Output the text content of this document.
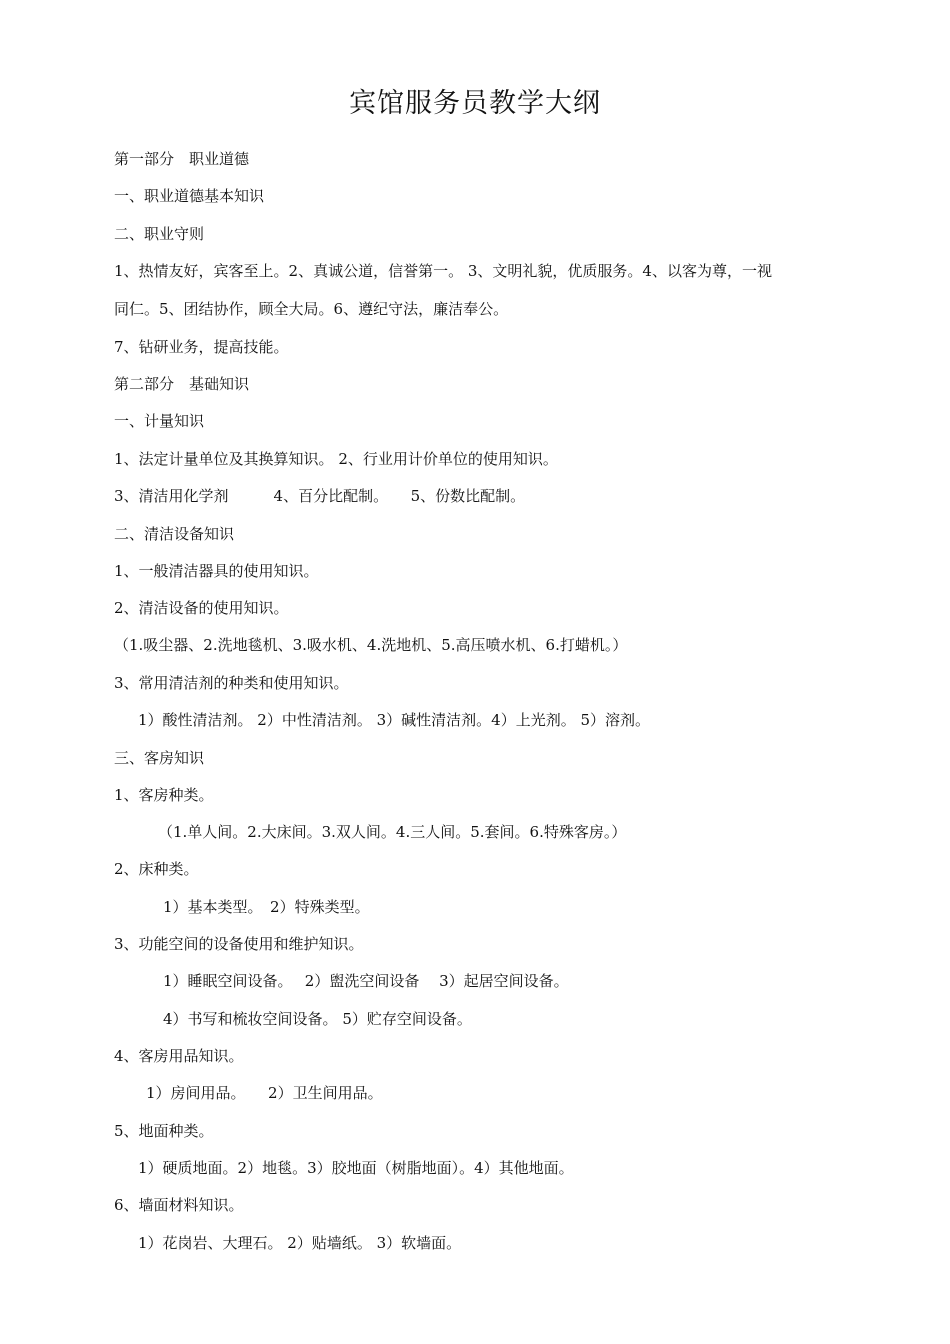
宾馆服务员教学大纲
第一部分　职业道德
一、职业道德基本知识
二、职业守则
1、热情友好，宾客至上。2、真诚公道，信誉第一。 3、文明礼貌，优质服务。4、以客为尊，一视
同仁。5、团结协作，顾全大局。6、遵纪守法，廉洁奉公。
7、钻研业务，提高技能。
第二部分　基础知识
一、计量知识
1、法定计量单位及其换算知识。 2、行业用计价单位的使用知识。
3、清洁用化学剂　　　4、百分比配制。　　5、份数比配制。
二、清洁设备知识
1、一般清洁器具的使用知识。
2、清洁设备的使用知识。
（1.吸尘器、2.洗地毯机、3.吸水机、4.洗地机、5.高压喷水机、6.打蜡机。）
3、常用清洁剂的种类和使用知识。
1）酸性清洁剂。 2）中性清洁剂。 3）碱性清洁剂。4）上光剂。 5）溶剂。
三、客房知识
1、客房种类。
（1.单人间。2.大床间。3.双人间。4.三人间。5.套间。6.特殊客房。）
2、床种类。
1）基本类型。　2）特殊类型。
3、功能空间的设备使用和维护知识。
1）睡眠空间设备。　 2）盥洗空间设备　 3）起居空间设备。
4）书写和梳妆空间设备。 5）贮存空间设备。
4、客房用品知识。
1）房间用品。　　2）卫生间用品。
5、地面种类。
1）硬质地面。2）地毯。3）胶地面（树脂地面）。4）其他地面。
6、墙面材料知识。
1）花岗岩、大理石。 2）贴墙纸。 3）软墙面。
